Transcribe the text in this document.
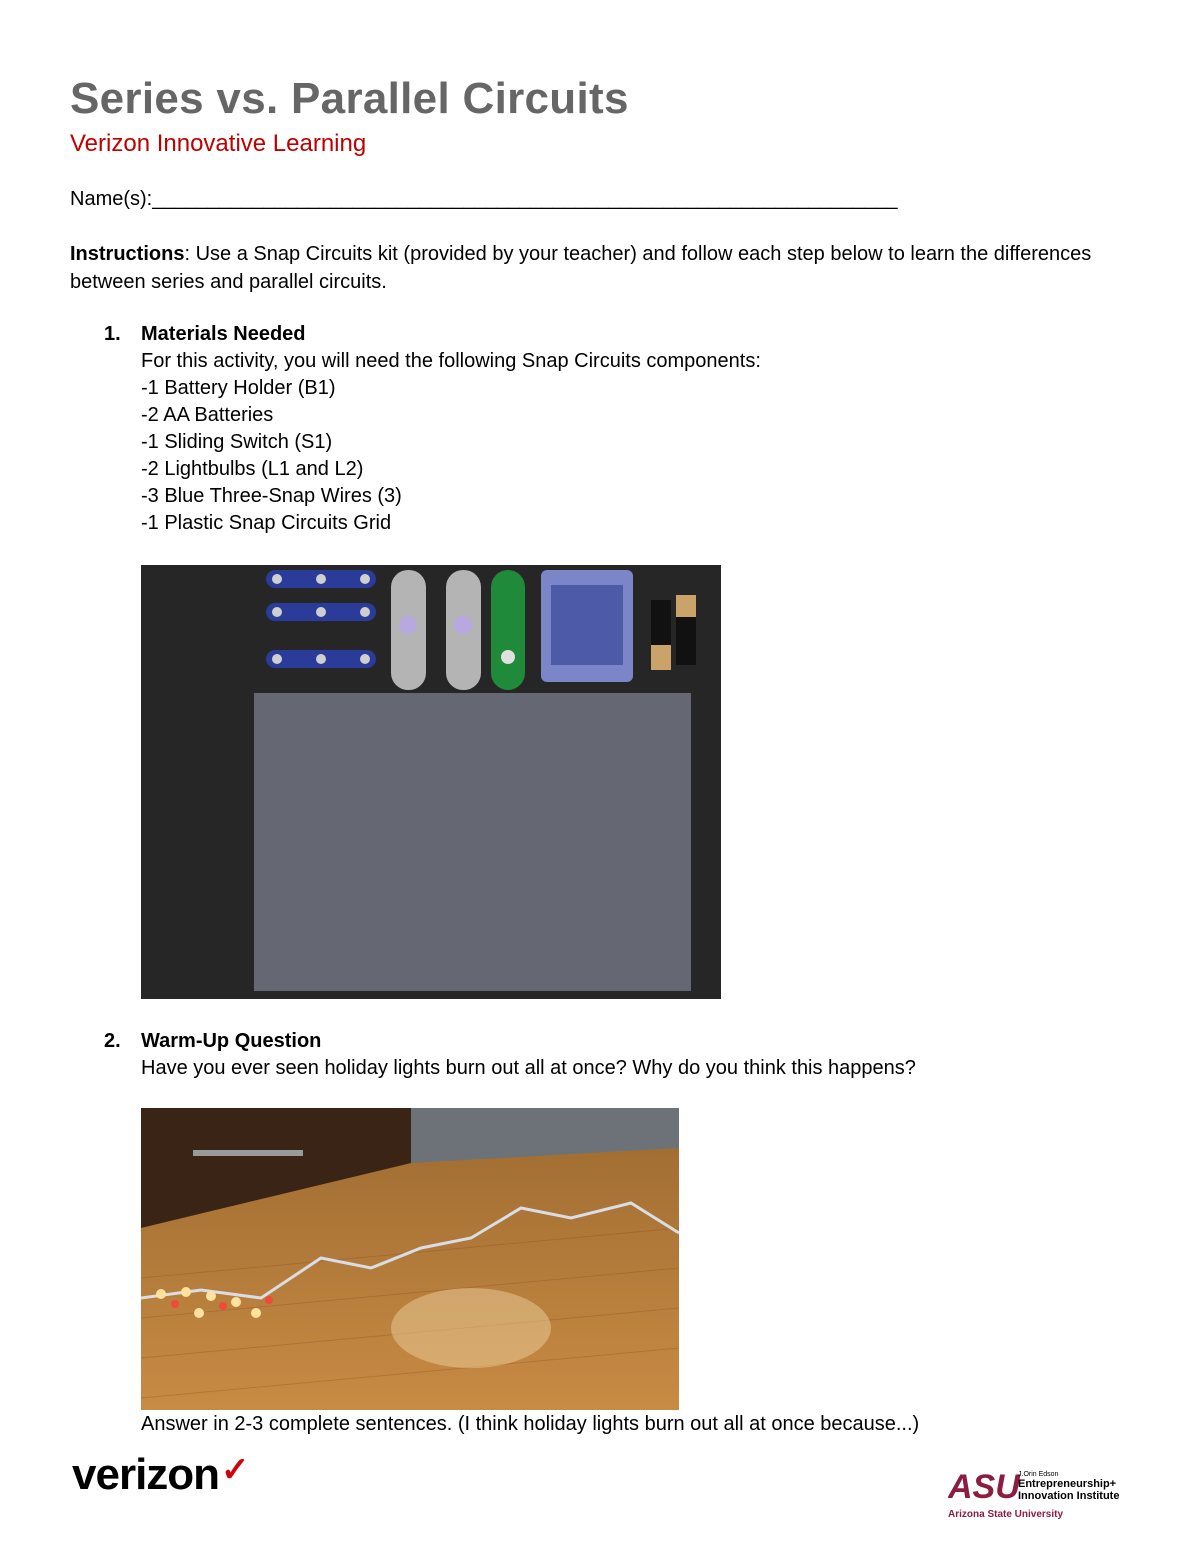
Series vs. Parallel Circuits
Verizon Innovative Learning
Name(s):___________________________________________________________________
Instructions: Use a Snap Circuits kit (provided by your teacher) and follow each step below to learn the differences between series and parallel circuits.
1. Materials Needed
For this activity, you will need the following Snap Circuits components:
-1 Battery Holder (B1)
-2 AA Batteries
-1 Sliding Switch (S1)
-2 Lightbulbs (L1 and L2)
-3 Blue Three-Snap Wires (3)
-1 Plastic Snap Circuits Grid
2. Warm-Up Question
Have you ever seen holiday lights burn out all at once? Why do you think this happens?
Answer in 2-3 complete sentences. (I think holiday lights burn out all at once because...)
verizon✓	ASU
J.Orin Edson
Entrepreneurship+
Innovation Institute
Arizona State University
